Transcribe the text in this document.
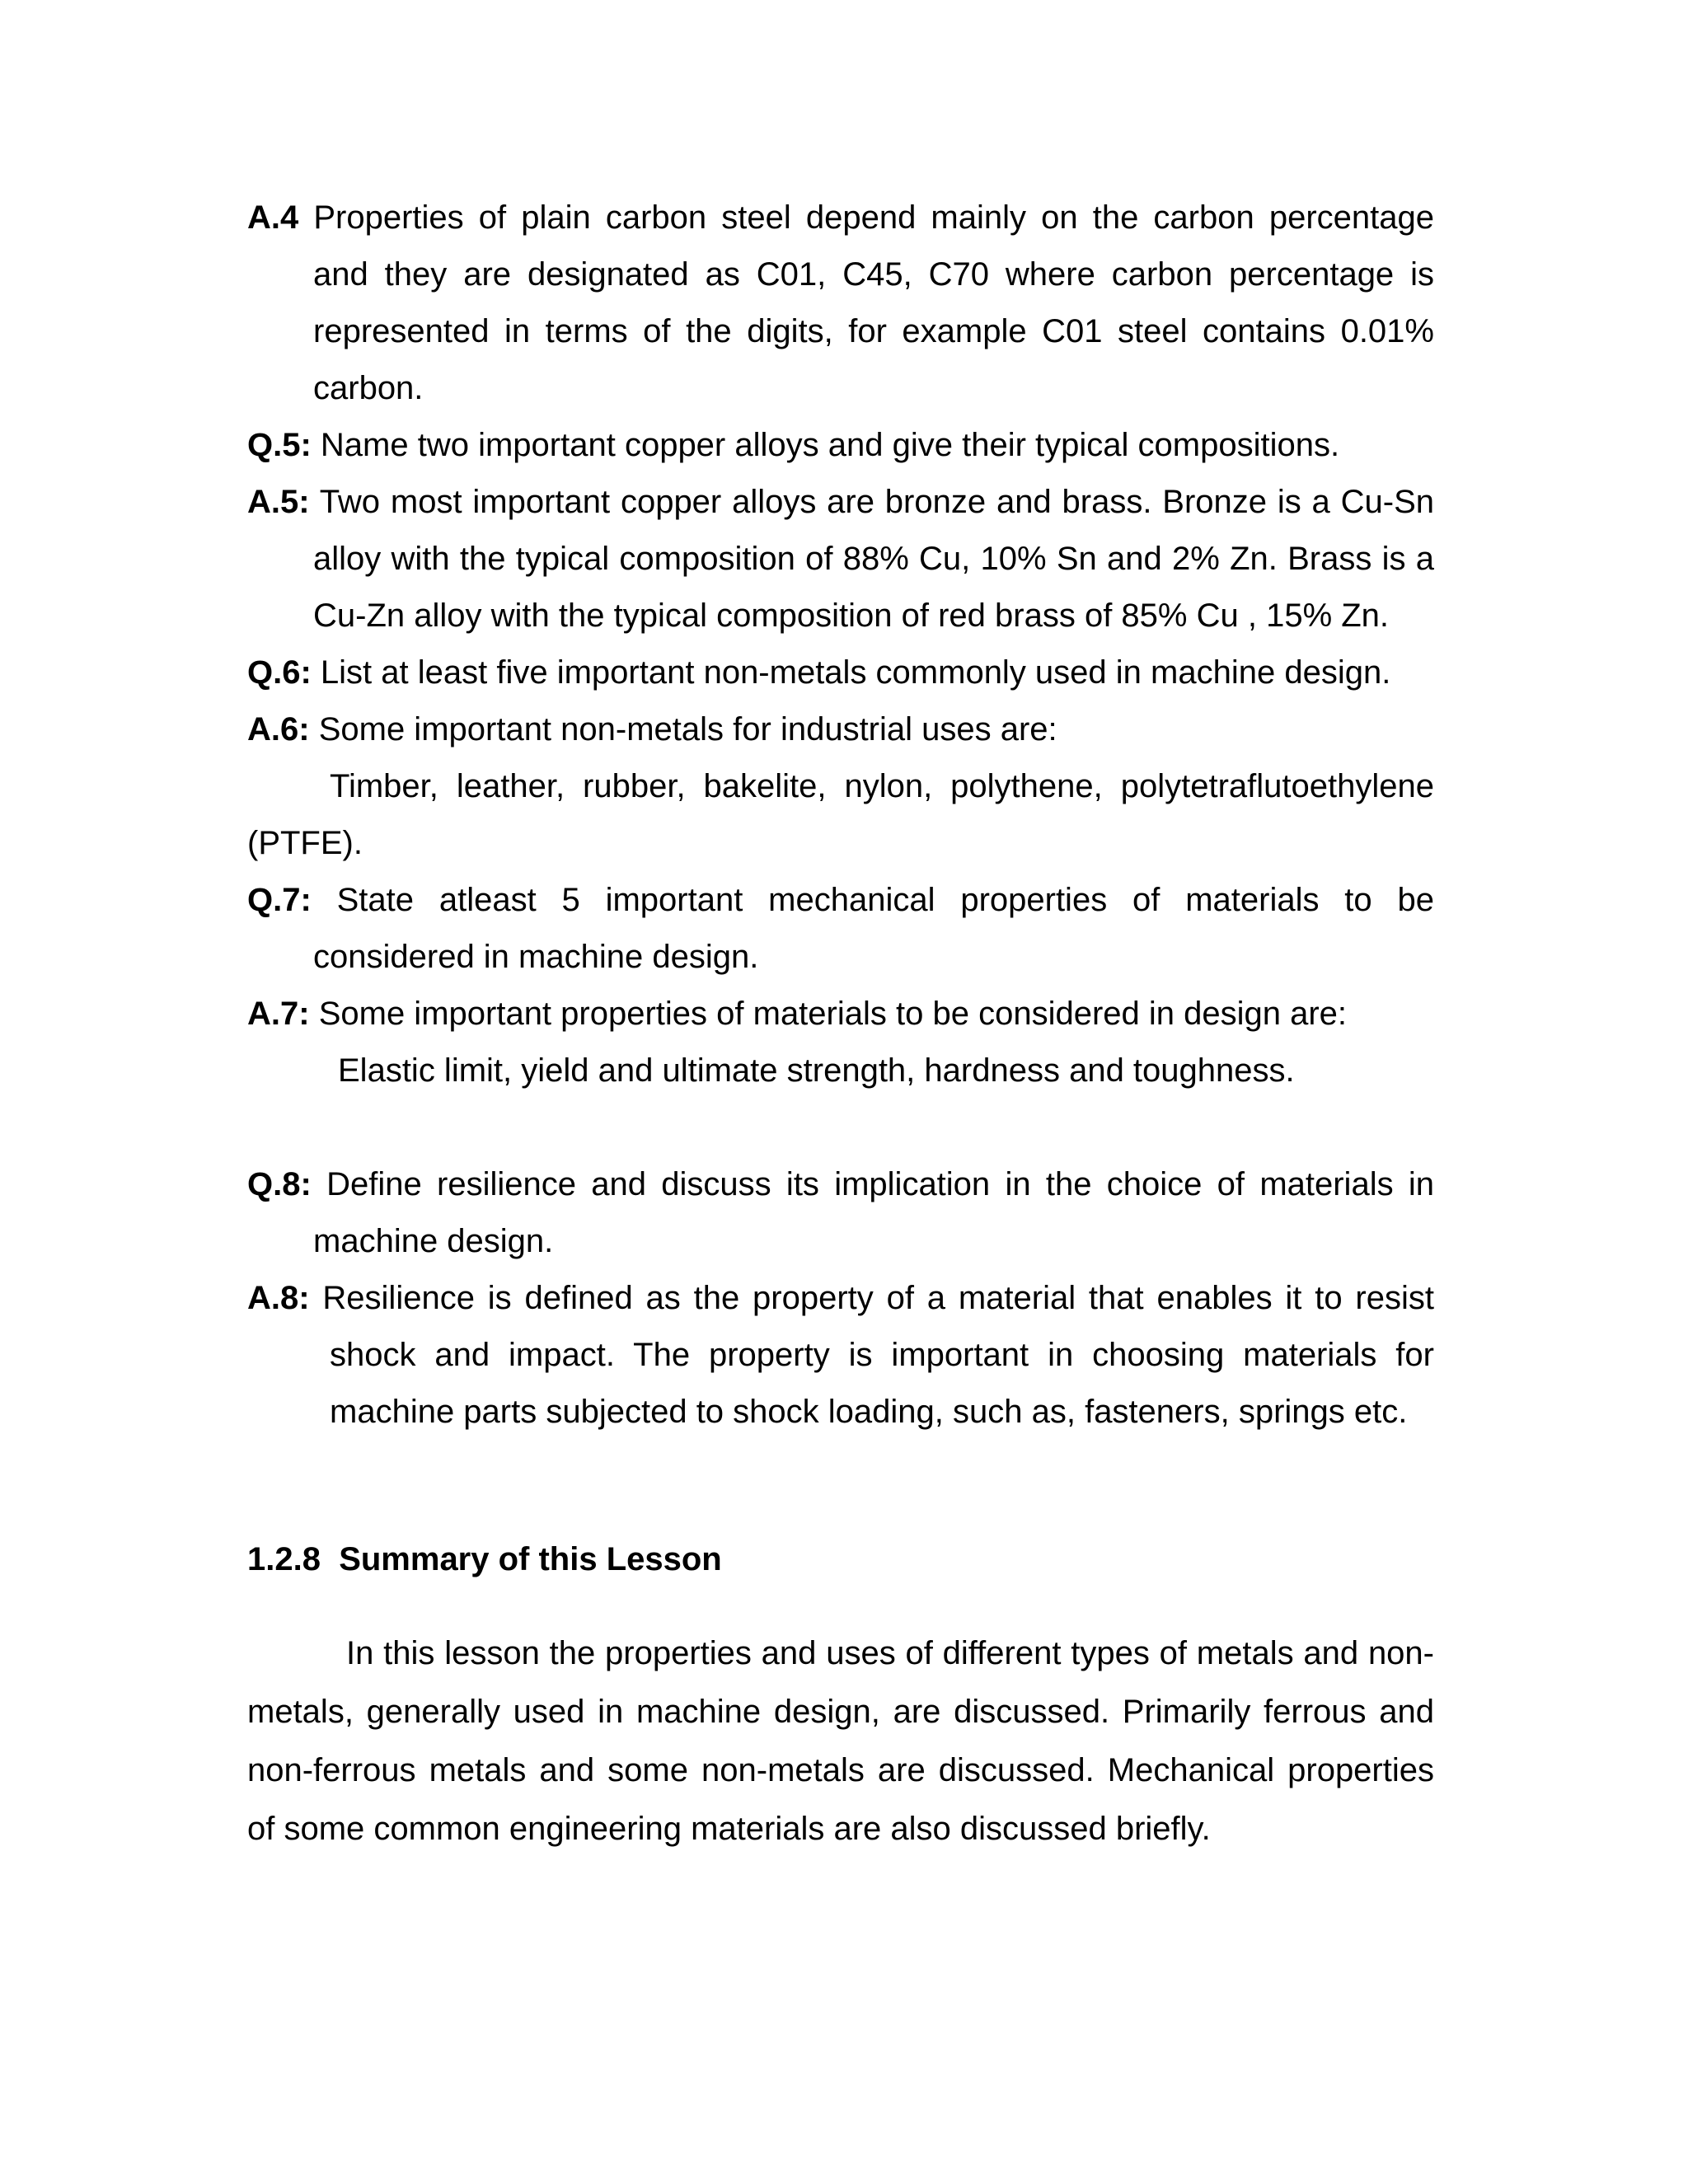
A.4 Properties of plain carbon steel depend mainly on the carbon percentage and they are designated as C01, C45, C70 where carbon percentage is represented in terms of the digits, for example C01 steel contains 0.01% carbon.
Q.5: Name two important copper alloys and give their typical compositions.
A.5: Two most important copper alloys are bronze and brass. Bronze is a Cu-Sn alloy with the typical composition of 88% Cu, 10% Sn and 2% Zn. Brass is a Cu-Zn alloy with the typical composition of red brass of 85% Cu , 15% Zn.
Q.6: List at least five important non-metals commonly used in machine design.
A.6: Some important non-metals for industrial uses are:
Timber, leather, rubber, bakelite, nylon, polythene, polytetraflutoethylene (PTFE).
Q.7: State atleast 5 important mechanical properties of materials to be considered in machine design.
A.7: Some important properties of materials to be considered in design are:
Elastic limit, yield and ultimate strength, hardness and toughness.
Q.8: Define resilience and discuss its implication in the choice of materials in machine design.
A.8: Resilience is defined as the property of a material that enables it to resist shock and impact. The property is important in choosing materials for machine parts subjected to shock loading, such as, fasteners, springs etc.
1.2.8  Summary of this Lesson
In this lesson the properties and uses of different types of metals and non-metals, generally used in machine design, are discussed. Primarily ferrous and non-ferrous metals and some non-metals are discussed. Mechanical properties of some common engineering materials are also discussed briefly.
